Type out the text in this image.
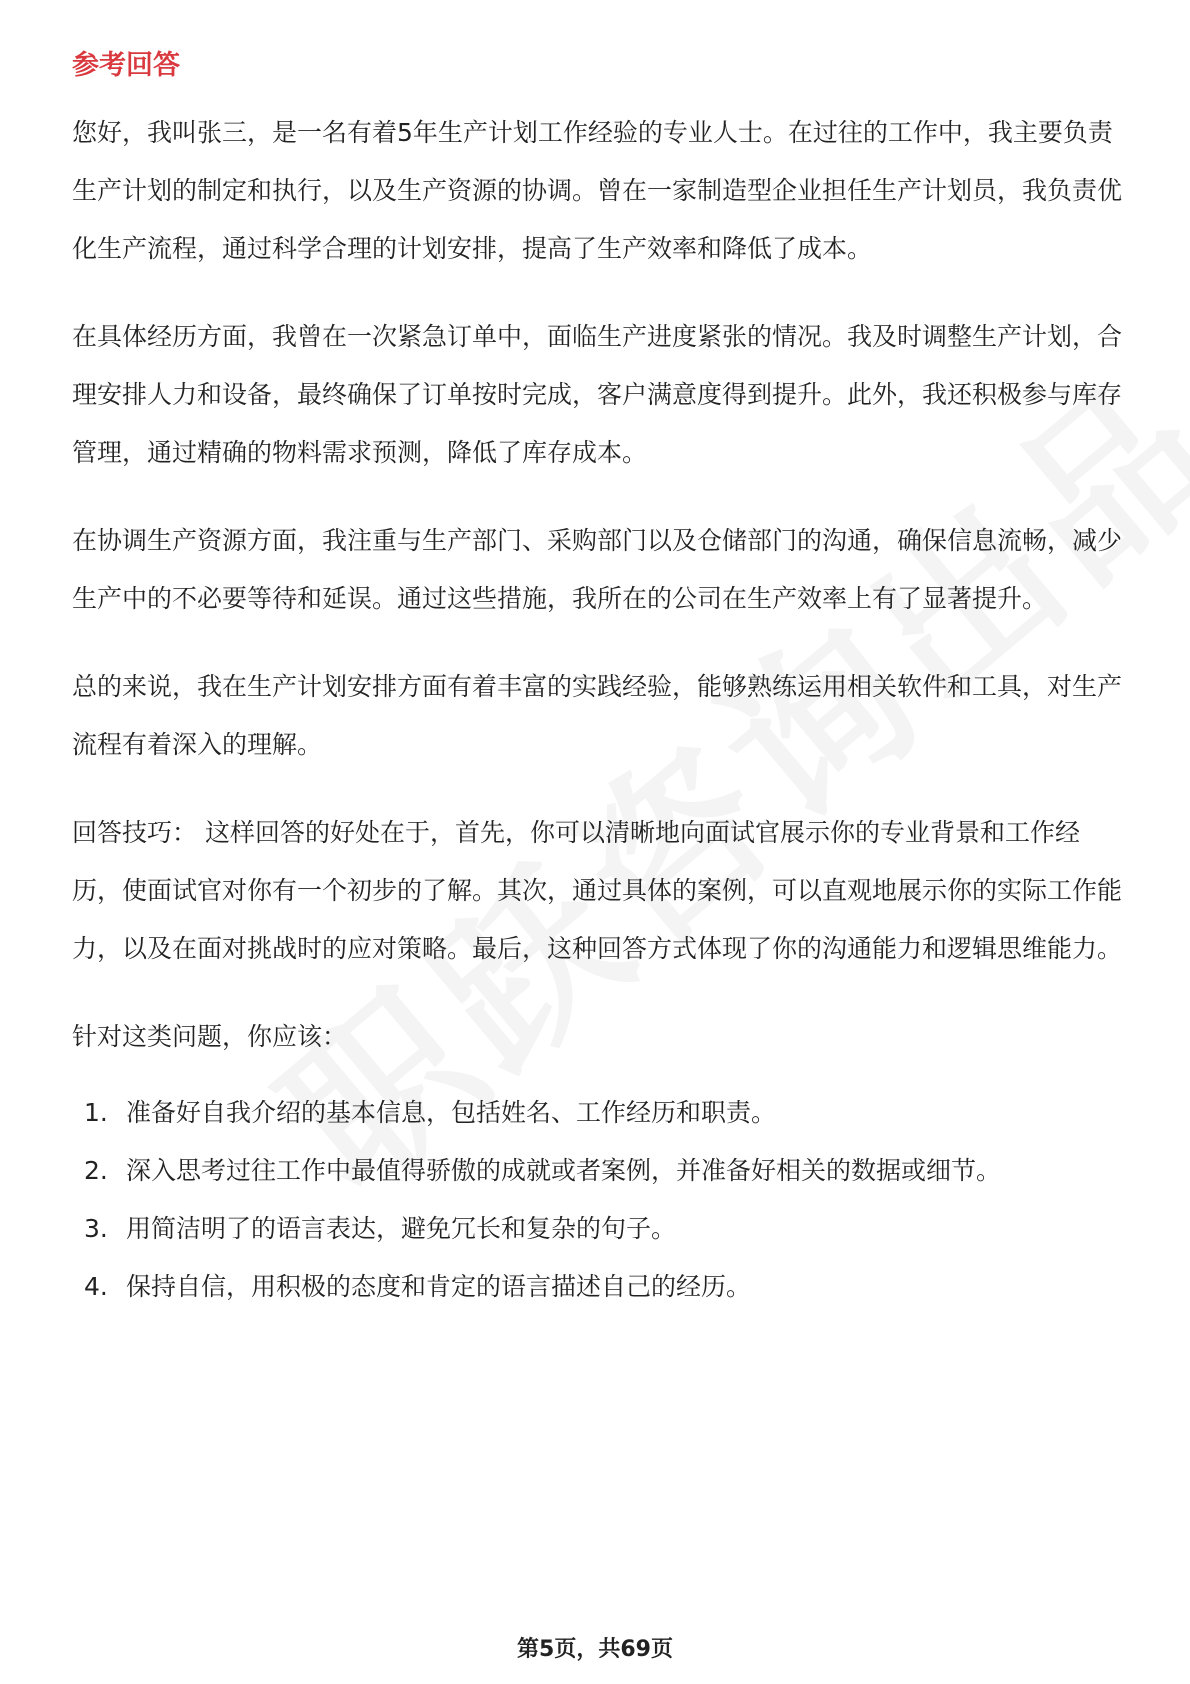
参考回答

您好，我叫张三，是一名有着5年生产计划工作经验的专业人士。在过往的工作中，我主要负责生产计划的制定和执行，以及生产资源的协调。曾在一家制造型企业担任生产计划员，我负责优化生产流程，通过科学合理的计划安排，提高了生产效率和降低了成本。

在具体经历方面，我曾在一次紧急订单中，面临生产进度紧张的情况。我及时调整生产计划，合理安排人力和设备，最终确保了订单按时完成，客户满意度得到提升。此外，我还积极参与库存管理，通过精确的物料需求预测，降低了库存成本。

在协调生产资源方面，我注重与生产部门、采购部门以及仓储部门的沟通，确保信息流畅，减少生产中的不必要等待和延误。通过这些措施，我所在的公司在生产效率上有了显著提升。

总的来说，我在生产计划安排方面有着丰富的实践经验，能够熟练运用相关软件和工具，对生产流程有着深入的理解。

回答技巧： 这样回答的好处在于，首先，你可以清晰地向面试官展示你的专业背景和工作经历，使面试官对你有一个初步的了解。其次，通过具体的案例，可以直观地展示你的实际工作能力，以及在面对挑战时的应对策略。最后，这种回答方式体现了你的沟通能力和逻辑思维能力。

针对这类问题，你应该：

1. 准备好自我介绍的基本信息，包括姓名、工作经历和职责。
2. 深入思考过往工作中最值得骄傲的成就或者案例，并准备好相关的数据或细节。
3. 用简洁明了的语言表达，避免冗长和复杂的句子。
4. 保持自信，用积极的态度和肯定的语言描述自己的经历。
第5页，共69页
